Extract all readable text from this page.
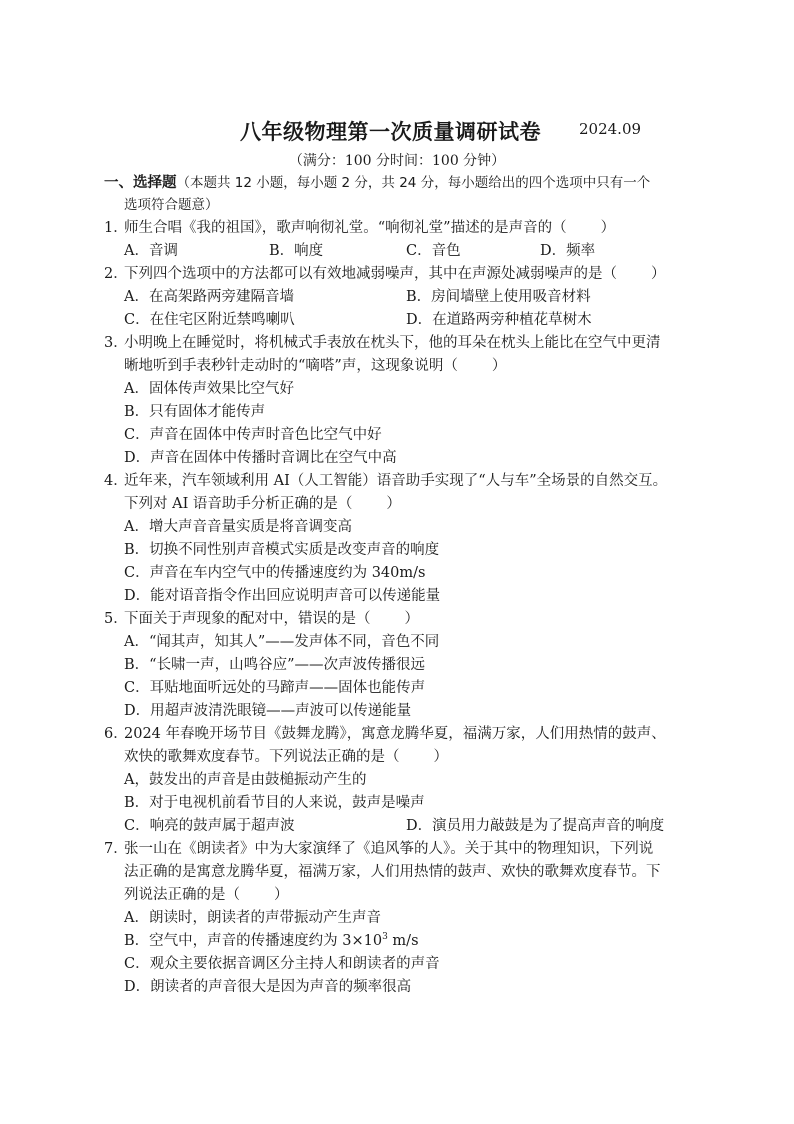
八年级物理第一次质量调研试卷	2024.09
（满分：100 分时间：100 分钟）
一、选择题（本题共 12 小题，每小题 2 分，共 24 分，每小题给出的四个选项中只有一个
选项符合题意）
1．
师生合唱《我的祖国》，歌声响彻礼堂。“响彻礼堂”描述的是声音的（ ）
A．音调	B．响度	C．音色	D．频率
2．
下列四个选项中的方法都可以有效地减弱噪声，其中在声源处减弱噪声的是（ ）
A．在高架路两旁建隔音墙	B．房间墙壁上使用吸音材料
C．在住宅区附近禁鸣喇叭	D．在道路两旁种植花草树木
3．
小明晚上在睡觉时，将机械式手表放在枕头下，他的耳朵在枕头上能比在空气中更清
晰地听到手表秒针走动时的“嘀嗒”声，这现象说明（ ）
A．固体传声效果比空气好
B．只有固体才能传声
C．声音在固体中传声时音色比空气中好
D．声音在固体中传播时音调比在空气中高
4．
近年来，汽车领域利用 AI（人工智能）语音助手实现了“人与车”全场景的自然交互。
下列对 AI 语音助手分析正确的是（ ）
A．增大声音音量实质是将音调变高
B．切换不同性别声音模式实质是改变声音的响度
C．声音在车内空气中的传播速度约为 340m/s
D．能对语音指令作出回应说明声音可以传递能量
5．
下面关于声现象的配对中，错误的是（ ）
A．“闻其声，知其人”——发声体不同，音色不同
B．“长啸一声，山鸣谷应”——次声波传播很远
C．耳贴地面听远处的马蹄声——固体也能传声
D．用超声波清洗眼镜——声波可以传递能量
6．
2024 年春晚开场节目《鼓舞龙腾》，寓意龙腾华夏，福满万家，人们用热情的鼓声、
欢快的歌舞欢度春节。下列说法正确的是（ ）
A，鼓发出的声音是由鼓槌振动产生的
B．对于电视机前看节目的人来说，鼓声是噪声
C．响亮的鼓声属于超声波	D．演员用力敲鼓是为了提高声音的响度
7．
张一山在《朗读者》中为大家演绎了《追风筝的人》。关于其中的物理知识，下列说
法正确的是寓意龙腾华夏，福满万家，人们用热情的鼓声、欢快的歌舞欢度春节。下
列说法正确的是（ ）
A．朗读时，朗读者的声带振动产生声音
B．空气中，声音的传播速度约为 $3\times 10^3$ m/s
C．观众主要依据音调区分主持人和朗读者的声音
D．朗读者的声音很大是因为声音的频率很高
